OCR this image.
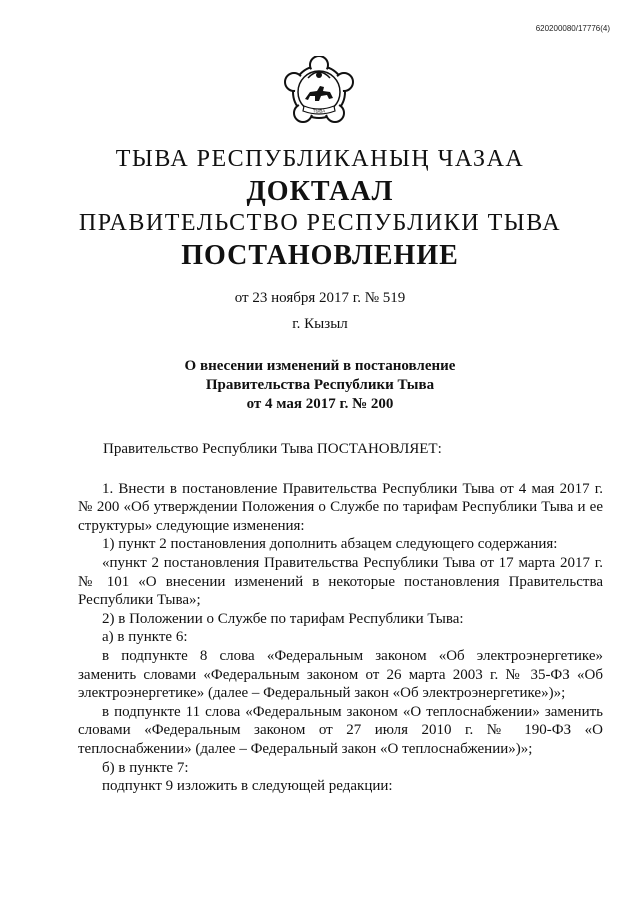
620200080/17776(4)
ТЫВА
ТЫВА РЕСПУБЛИКАНЫҢ ЧАЗАА
ДОКТААЛ
ПРАВИТЕЛЬСТВО РЕСПУБЛИКИ ТЫВА
ПОСТАНОВЛЕНИЕ
от 23 ноября 2017 г. № 519
г. Кызыл
О внесении изменений в постановление
Правительства Республики Тыва
от 4 мая 2017 г. № 200

Правительство Республики Тыва ПОСТАНОВЛЯЕТ:

1. Внести в постановление Правительства Республики Тыва от 4 мая 2017 г. № 200 «Об утверждении Положения о Службе по тарифам Республики Тыва и ее структуры» следующие изменения:

1) пункт 2 постановления дополнить абзацем следующего содержания:

«пункт 2 постановления Правительства Республики Тыва от 17 марта 2017 г. № 101 «О внесении изменений в некоторые постановления Правительства Республики Тыва»;

2) в Положении о Службе по тарифам Республики Тыва:

а) в пункте 6:

в подпункте 8 слова «Федеральным законом «Об электроэнергетике» заменить словами «Федеральным законом от 26 марта 2003 г. № 35-ФЗ «Об электроэнергетике» (далее – Федеральный закон «Об электроэнергетике»)»;

в подпункте 11 слова «Федеральным законом «О теплоснабжении» заменить словами «Федеральным законом от 27 июля 2010 г. № 190-ФЗ «О теплоснабжении» (далее – Федеральный закон «О теплоснабжении»)»;

б) в пункте 7:

подпункт 9 изложить в следующей редакции:
